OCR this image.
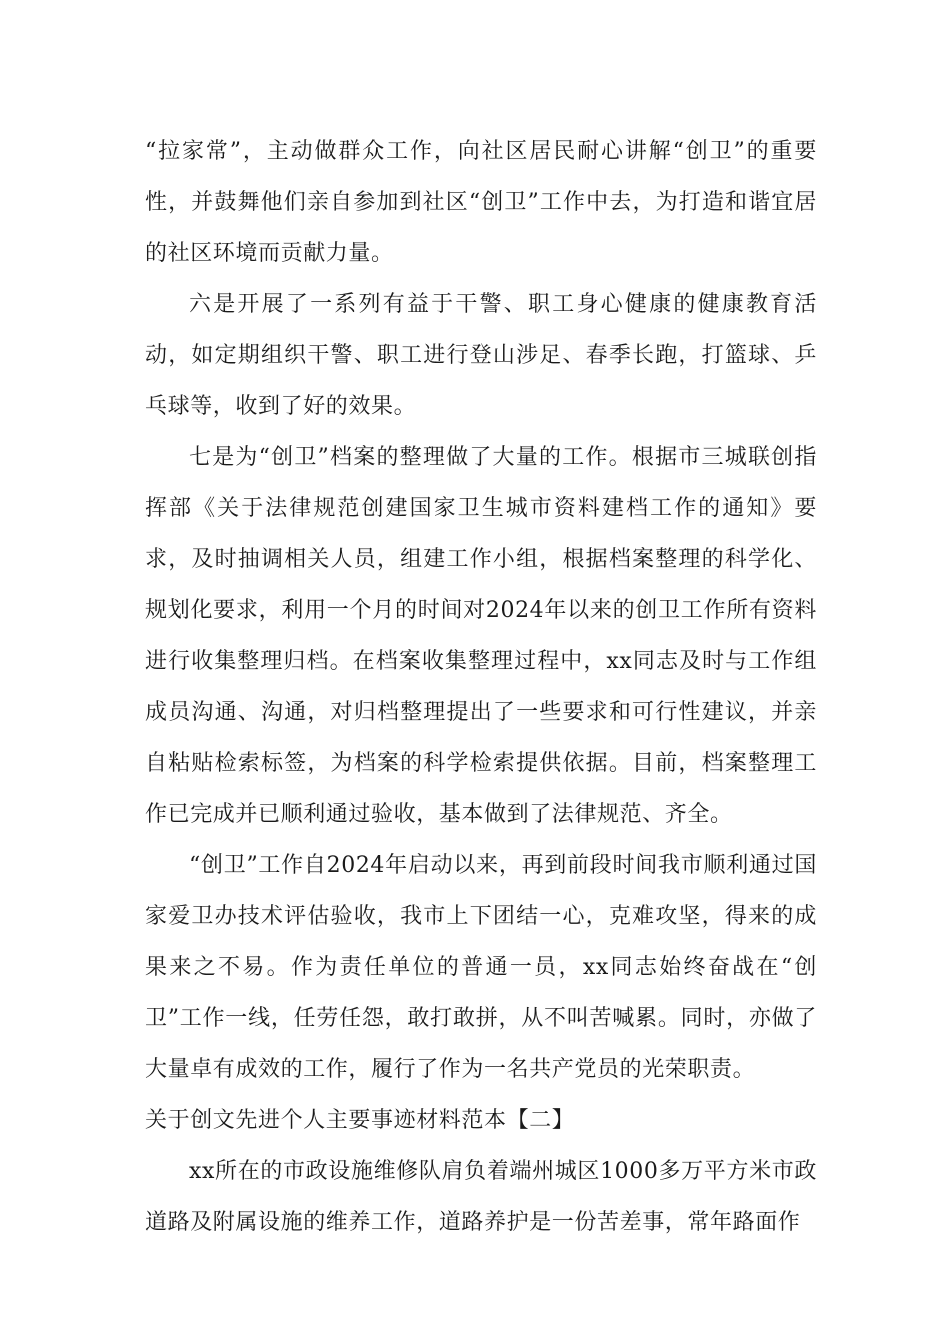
“拉家常”，主动做群众工作，向社区居民耐心讲解“创卫”的重要性，并鼓舞他们亲自参加到社区“创卫”工作中去，为打造和谐宜居的社区环境而贡献力量。

六是开展了一系列有益于干警、职工身心健康的健康教育活动，如定期组织干警、职工进行登山涉足、春季长跑，打篮球、乒乓球等，收到了好的效果。

七是为“创卫”档案的整理做了大量的工作。根据市三城联创指挥部《关于法律规范创建国家卫生城市资料建档工作的通知》要求，及时抽调相关人员，组建工作小组，根据档案整理的科学化、规划化要求，利用一个月的时间对2024年以来的创卫工作所有资料进行收集整理归档。在档案收集整理过程中，xx同志及时与工作组成员沟通、沟通，对归档整理提出了一些要求和可行性建议，并亲自粘贴检索标签，为档案的科学检索提供依据。目前，档案整理工作已完成并已顺利通过验收，基本做到了法律规范、齐全。

“创卫”工作自2024年启动以来，再到前段时间我市顺利通过国家爱卫办技术评估验收，我市上下团结一心，克难攻坚，得来的成果来之不易。作为责任单位的普通一员，xx同志始终奋战在“创卫”工作一线，任劳任怨，敢打敢拼，从不叫苦喊累。同时，亦做了大量卓有成效的工作，履行了作为一名共产党员的光荣职责。

关于创文先进个人主要事迹材料范本【二】

xx所在的市政设施维修队肩负着端州城区1000多万平方米市政道路及附属设施的维养工作，道路养护是一份苦差事，常年路面作
